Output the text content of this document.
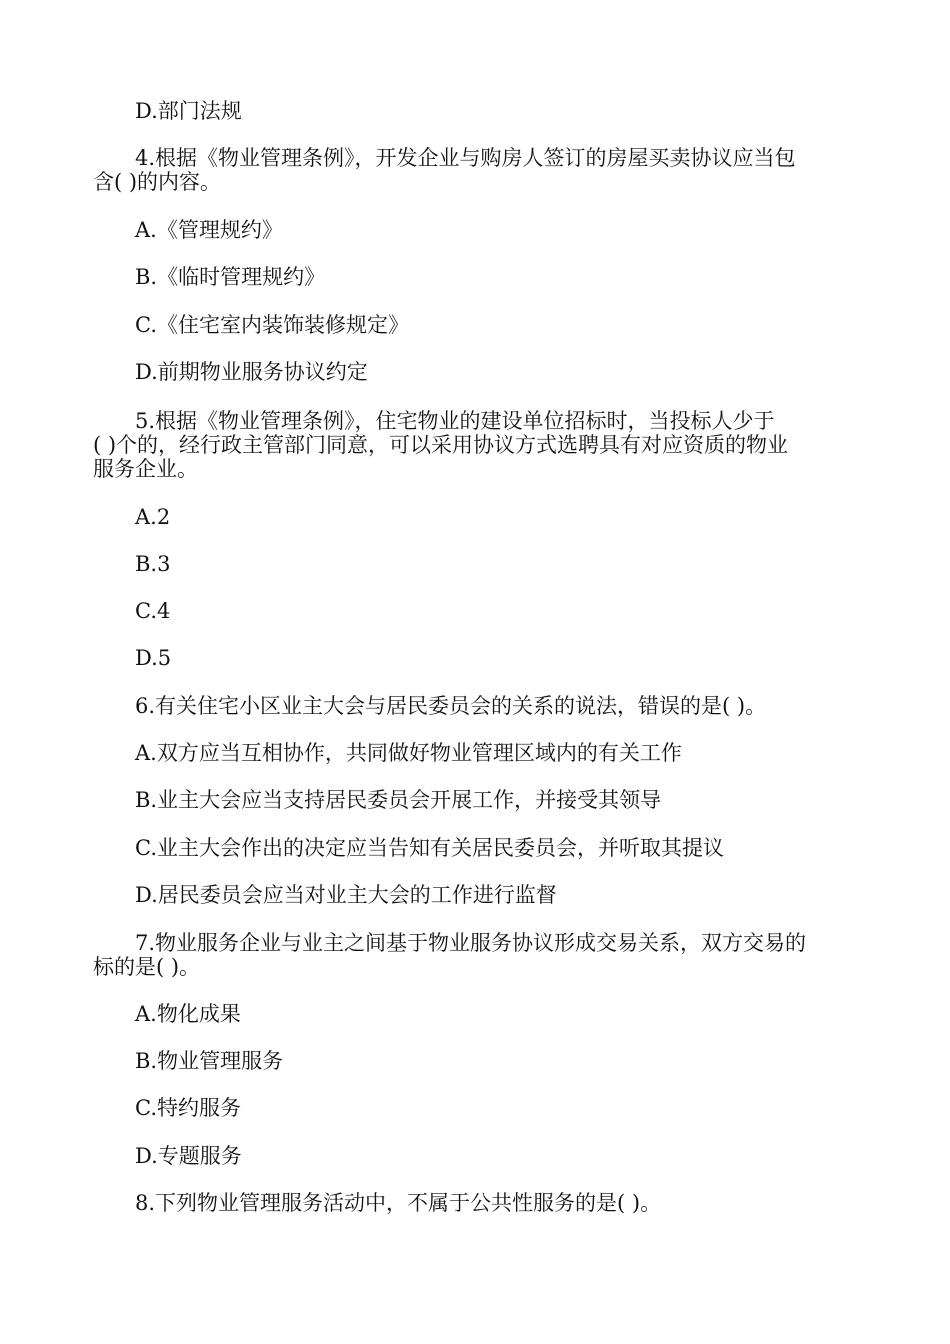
D.部门法规
4.根据《物业管理条例》，开发企业与购房人签订的房屋买卖协议应当包
含( )的内容。
A.《管理规约》
B.《临时管理规约》
C.《住宅室内装饰装修规定》
D.前期物业服务协议约定
5.根据《物业管理条例》，住宅物业的建设单位招标时，当投标人少于
( )个的，经行政主管部门同意，可以采用协议方式选聘具有对应资质的物业
服务企业。
A.2
B.3
C.4
D.5
6.有关住宅小区业主大会与居民委员会的关系的说法，错误的是( )。
A.双方应当互相协作，共同做好物业管理区域内的有关工作
B.业主大会应当支持居民委员会开展工作，并接受其领导
C.业主大会作出的决定应当告知有关居民委员会，并听取其提议
D.居民委员会应当对业主大会的工作进行监督
7.物业服务企业与业主之间基于物业服务协议形成交易关系，双方交易的
标的是( )。
A.物化成果
B.物业管理服务
C.特约服务
D.专题服务
8.下列物业管理服务活动中，不属于公共性服务的是( )。
